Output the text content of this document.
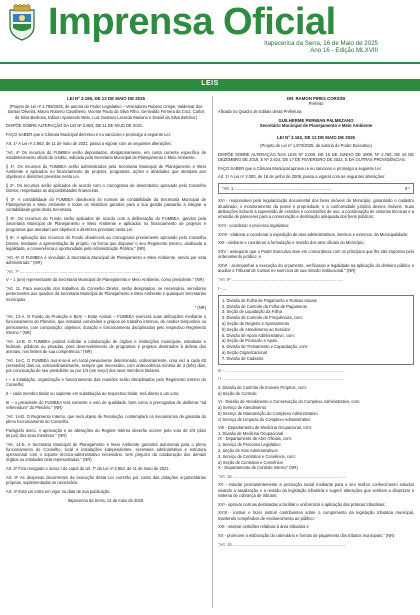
Imprensa Oficial
Itapecerica da Serra, 16 de Maio de 2025
Ano 16 - Edição MLXVIII
LEIS
LEI Nº 3.196, DE 13 DE MAIO DE 2025
(Projeto de Lei nº 1.789/2025, de autoria do Poder Legislativo – Vereadores Rubens Crispe, Valdemar dos Santos Oliveira, Mauro Roberto Cavalheiro, Vicente Paulo da Silva Filho, Genivaldo Ferreira da Cruz, Carlos da Silva Barbosa, Edison Aparecido Melo, Luiz Gustavo Lacerda Mariano e Daniel da Silva Belchior)
DISPÕE SOBRE ALTERAÇÃO DA LEI Nº 2.863, DE 11 DE MAIO DE 2021.
FAÇO SABER que a Câmara Municipal decretou e eu sanciono e promulgo a seguinte Lei:
Art. 1º A Lei nº 2.863, de 11 de maio de 2021, passa a vigorar com as seguintes alterações:
"Art. 4º Os recursos do FUMBEA serão depositados, obrigatoriamente, em conta corrente específica de estabelecimento oficial de crédito, indicada pela Secretaria Municipal de Planejamento e Meio Ambiente.
§ 1º. Os recursos do FUMBEA serão administrados pela Secretaria Municipal de Planejamento e Meio Ambiente e aplicados no financiamento de projetos, programas, ações e atividades que atendam aos objetivos e diretrizes previstas nesta Lei.
§ 2º. Os recursos serão aplicados de acordo com o cronograma de desembolso aprovado pelo Conselho Diretor, respeitadas as disponibilidades financeiras.
§ 3º. A contabilidade do FUMBEA obedecerá às normas de contabilidade da Secretaria Municipal de Planejamento e Meio Ambiente e todos os relatórios gerados para a sua gestão passarão a integrar a contabilidade geral desta Secretaria.
§ 5º. Os recursos do Fundo serão aplicados de acordo com a deliberação do FUMBEA, geridos pela Secretaria Municipal de Planejamento e Meio Ambiente e aplicados no financiamento de projetos e programas que atendam aos objetivos e diretrizes previstas nesta Lei.
§ 6º. A aplicação dos recursos do Fundo obedecerá ao cronograma previamente aprovado pelo Conselho Diretor, mediante a apresentação de projeto, na forma que dispuser o seu Regimento Interno, analisada a legalidade, a conveniência e oportunidade pela Administração Pública." (NR)
"Art. 6º O FUMBEA é vinculado à Secretaria Municipal de Planejamento e Meio Ambiente, sendo por esta administrado." (NR)
"Art. 7º ...........................................................................................................
V – 1 (um) representante da Secretaria Municipal de Planejamento e Meio Ambiente, como presidente." (NR)
"Art. 11. Para execução dos trabalhos do Conselho Diretor, serão designados, se necessário, servidores pertencentes aos quadros da Secretaria Municipal de Planejamento e Meio Ambiente e quaisquer Secretarias municipais.
" (NR)
"Art. 14-A. O Fundo de Proteção e Bem – Estar Animal – FUMBEA exercerá suas atribuições mediante o funcionamento do Plenário, que instalará comissões e grupos de trabalho internos, de caráter temporário ou permanente, com composição, objetivos, duração e funcionamento disciplinados pelo respectivo Regimento Interno." (NR)
"Art. 14-B. O FUMBEA poderá solicitar a colaboração de órgãos e instituições municipais, estaduais e federais, públicas ou privadas, para desenvolvimento de programas e projetos destinados à defesa dos animais, nos limites de sua competência." (NR)
"Art. 14-C. O FUMBEA reunir-se-á em local previamente determinado, ordinariamente, uma vez a cada 60 (sessenta) dias ou, extraordinariamente, sempre que necessário, com antecedência mínima de 3 (três) dias, por convocação de seu presidente ou por 1/3 (um terço) dos seus membros titulares.
I – a instalação, organização e funcionamento das reuniões serão disciplinados pelo Regimento Interno do Conselho;
II – cada membro titular ou suplente em substituição ao respectivo titular, terá direito a um voto;
III – o presidente do FUMBEA terá somente o voto de qualidade, bem como a prerrogativa de deliberar "ad referendum" do Plenário." (NR)
"Art. 14-D. O Regimento Interno, que será objeto de Resolução, contemplará os mecanismos de garantia do pleno funcionamento do Conselho.
Parágrafo único. A aprovação e as alterações do Regime Interno deverão ocorrer pelo voto de 2/3 (dois terços) dos seus membros." (NR)
"Art. 14-E. A Secretaria Municipal de Planejamento e Meio Ambiente garantirá autonomia para o pleno funcionamento do Conselho, local e instalações independentes, secretaria administrativa e estrutura operacional com o suporte técnico-administrativo necessário, sem prejuízo da colaboração dos demais órgãos ou entidades nela representados." (NR)
Art. 2º Fica revogado o inciso I do caput do art. 7º da Lei nº 2.863, de 11 de maio de 2021.
Art. 3º As despesas decorrentes da execução desta Lei correrão por conta das dotações orçamentárias próprias, suplementadas se necessário.
Art. 4º Esta Lei entra em vigor na data de sua publicação.
Itapecerica da Serra, 13 de maio de 2025.
DR. RAMON PIRES CORSINI
Prefeito
Afixada no Quadro de Editais desta Prefeitura.
GUILHERME PERMIAN PALMEZANO
Secretário Municipal de Planejamento e Meio Ambiente
LEI Nº 3.162, DE 12 DE MAIO DE 2025
(Projeto de Lei nº 1.973/2025, de autoria do Poder Executivo)
DISPÕE SOBRE ALTERAÇÃO NAS LEIS Nº 2.000, DE 16 DE JUNHO DE 2009, Nº 2.760, DE 16 DE DEZEMBRO DE 2019, E Nº 2.924, DE 17 DE FEVEREIRO DE 2022, E DÁ OUTRAS PROVIDÊNCIAS.
FAÇO SABER que a Câmara Municipal aprovou e eu sanciono e promulgo a seguinte Lei:
Art. 1º A Lei nº 2.000, de 16 de junho de 2009, passa a vigorar com as seguintes alterações:
"Art. 1 .....................................................................................	8 º
XVI - responsável pela regularização documental dos bens imóveis do Município, garantindo o cadastro atualizado, o monitoramento da posse e propriedade, e a conformidade jurídica desses imóveis. Suas atribuições incluem a supervisão de cessões e concessões de uso, a coordenação de vistorias técnicas e a emissão de pareceres para a conservação e destinação adequada dos bens públicos;
XVII - coordenar o processo legislativo;
XVIII - elaborar e coordenar a expedição de atos administrativos, internos e externos, da Municipalidade;
XIX - elaborar e coordenar a formulação e revisão dos atos oficiais do Município;
XXV - assegurar que o Poder Executivo atue em consonância com os princípios que lhe são impostos pelo ordenamento jurídico; e
XXVI - acompanhar a execução do orçamento, verificando a legalidade na aplicação do dinheiro público e auxiliar o Tribunal de Contas no exercício de sua missão institucional." (NR)
"Art. 9º ..................................................................................................
I - ...
1. Divisão de Folha de Pagamento e Rotinas Anuais
2. Divisão de Controle da Folha de Pagamento
3. Seção de Liquidação da Folha
3. Divisão de Controle de Frequências, com:
a) Seção de Registro e Apontamento
b) Seção de Atendimento ao Servidor
5. Divisão de Apoio Administrativo, com:
a) Seção de Protocolo e Apoio
6. Divisão de Treinamento e Capacitação, com:
a) Seção Organizacional
7. Divisão de Cadastro
III - .........................................................................................................
I I ...........................................................................................................
4. Divisão de Controle de Imóveis Próprios, com:
a) Seção de Controle
VI - Divisão de Atendimento e Conservação do Complexo Administrativo, com:
a) Serviço de Atendimento
b) Serviço de Manutenção do Complexo Administrativo
c) Serviço de Limpeza do Complexo Administrativo
VIII - Departamento de Medicina Ocupacional, com:
1. Divisão de Medicina Ocupacional
IX - Departamento de Atos Oficiais, com:
1. Serviço de Processo Legislativo
2. Seção de Atos Administrativos
3. Serviço de Contratos e Convênios, com:
a) Seção de Contratos e Convênios
X - Departamento de Controle Interno" (NR)
"Art. 18. ...................................................................................................
XV - estudar permanentemente a promoção social mediante para o seu melhor conhecimento estudos visando a atualização e a revisão da legislação tributária e sugerir alterações que venham a dinamizar o sistema de cobrança de tributos;
XVI - aprovar normas destinadas a facilitar e uniformizar a aplicação das práticas tributárias;
XVIII - instruir e fazer instruir contribuintes sobre o cumprimento da legislação tributária municipal, mantendo compêndios de esclarecimento ao público;
XIX - assinar certidões relativas à área tributária e
XX - promover a elaboração do calendário e formas de pagamento dos tributos municipais." (NR)
"Art. 19. ...................................................................................................
